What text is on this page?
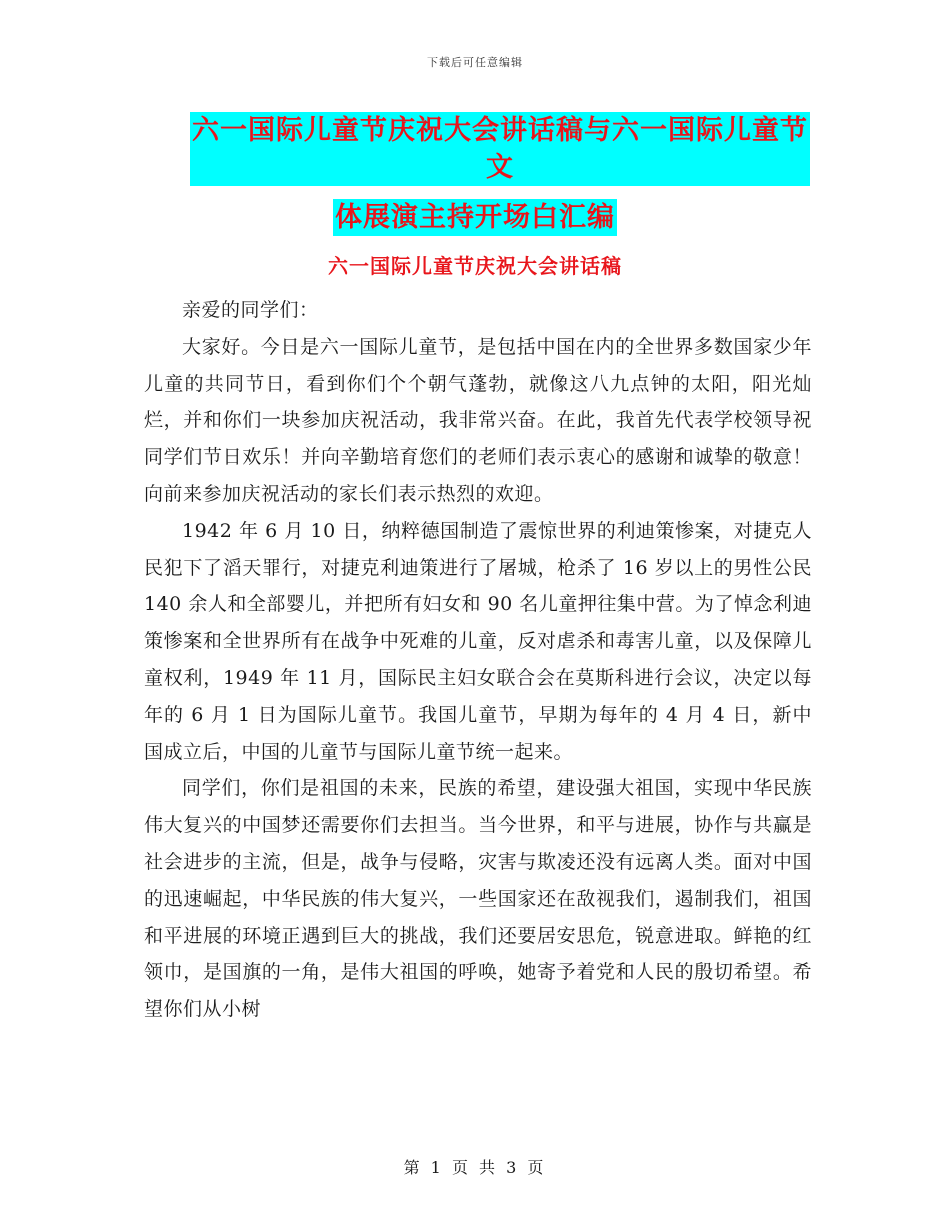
下载后可任意编辑
六一国际儿童节庆祝大会讲话稿与六一国际儿童节文
体展演主持开场白汇编
六一国际儿童节庆祝大会讲话稿

亲爱的同学们：

大家好。今日是六一国际儿童节，是包括中国在内的全世界多数国家少年儿童的共同节日，看到你们个个朝气蓬勃，就像这八九点钟的太阳，阳光灿烂，并和你们一块参加庆祝活动，我非常兴奋。在此，我首先代表学校领导祝同学们节日欢乐！并向辛勤培育您们的老师们表示衷心的感谢和诚挚的敬意！向前来参加庆祝活动的家长们表示热烈的欢迎。

1942 年 6 月 10 日，纳粹德国制造了震惊世界的利迪策惨案，对捷克人民犯下了滔天罪行，对捷克利迪策进行了屠城，枪杀了 16 岁以上的男性公民 140 余人和全部婴儿，并把所有妇女和 90 名儿童押往集中营。为了悼念利迪策惨案和全世界所有在战争中死难的儿童，反对虐杀和毒害儿童，以及保障儿童权利，1949 年 11 月，国际民主妇女联合会在莫斯科进行会议，决定以每年的 6 月 1 日为国际儿童节。我国儿童节，早期为每年的 4 月 4 日，新中国成立后，中国的儿童节与国际儿童节统一起来。

同学们，你们是祖国的未来，民族的希望，建设强大祖国，实现中华民族伟大复兴的中国梦还需要你们去担当。当今世界，和平与进展，协作与共赢是社会进步的主流，但是，战争与侵略，灾害与欺凌还没有远离人类。面对中国的迅速崛起，中华民族的伟大复兴，一些国家还在敌视我们，遏制我们，祖国和平进展的环境正遇到巨大的挑战，我们还要居安思危，锐意进取。鲜艳的红领巾，是国旗的一角，是伟大祖国的呼唤，她寄予着党和人民的殷切希望。希望你们从小树

第 1 页 共 3 页
